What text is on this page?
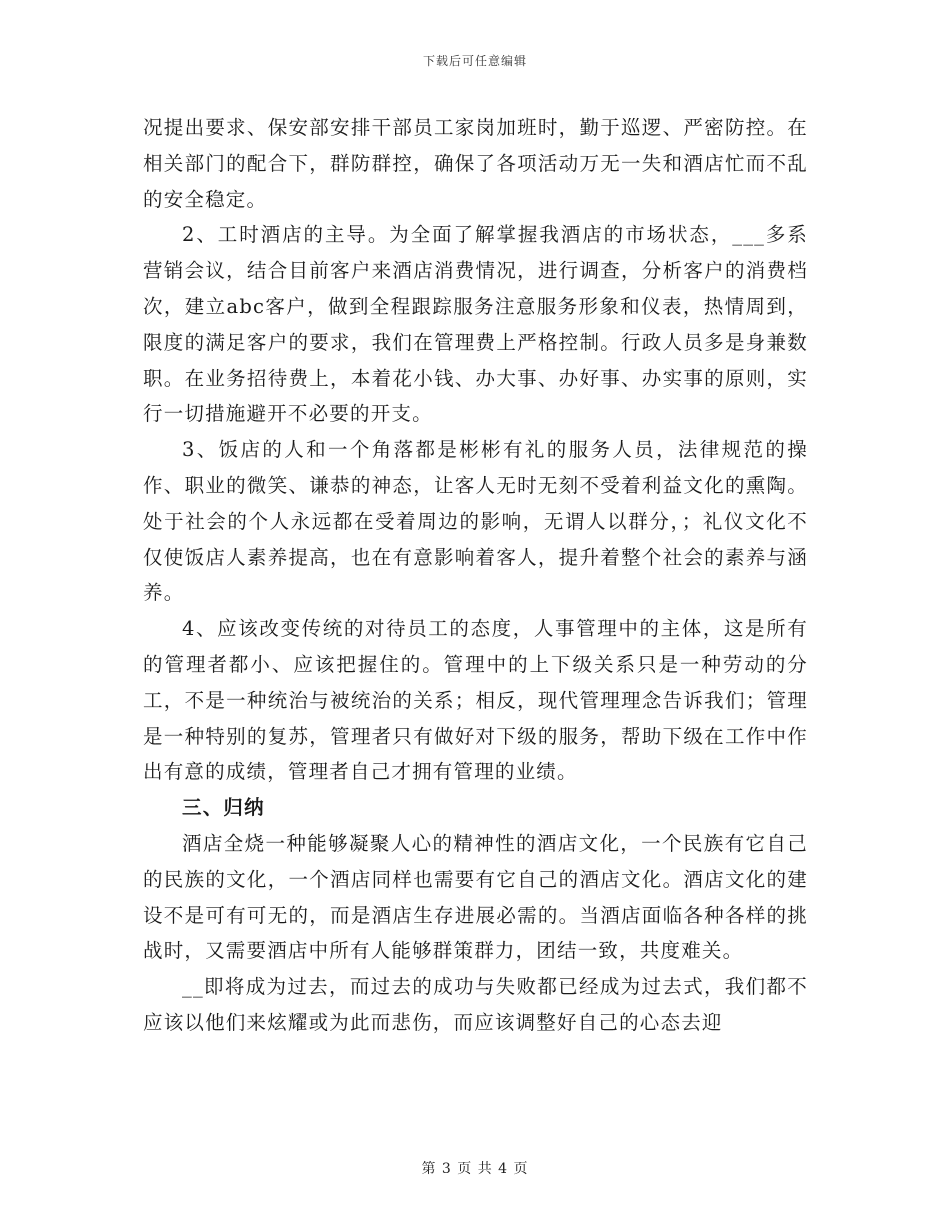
下载后可任意编辑

况提出要求、保安部安排干部员工家岗加班时，勤于巡逻、严密防控。在相关部门的配合下，群防群控，确保了各项活动万无一失和酒店忙而不乱的安全稳定。

2、工时酒店的主导。为全面了解掌握我酒店的市场状态，___多系营销会议，结合目前客户来酒店消费情况，进行调查，分析客户的消费档次，建立abc客户，做到全程跟踪服务注意服务形象和仪表，热情周到，限度的满足客户的要求，我们在管理费上严格控制。行政人员多是身兼数职。在业务招待费上，本着花小钱、办大事、办好事、办实事的原则，实行一切措施避开不必要的开支。

3、饭店的人和一个角落都是彬彬有礼的服务人员，法律规范的操作、职业的微笑、谦恭的神态，让客人无时无刻不受着利益文化的熏陶。处于社会的个人永远都在受着周边的影响，无谓人以群分，；礼仪文化不仅使饭店人素养提高，也在有意影响着客人，提升着整个社会的素养与涵养。

4、应该改变传统的对待员工的态度，人事管理中的主体，这是所有的管理者都小、应该把握住的。管理中的上下级关系只是一种劳动的分工，不是一种统治与被统治的关系；相反，现代管理理念告诉我们；管理是一种特别的复苏，管理者只有做好对下级的服务，帮助下级在工作中作出有意的成绩，管理者自己才拥有管理的业绩。

三、归纳

酒店全烧一种能够凝聚人心的精神性的酒店文化，一个民族有它自己的民族的文化，一个酒店同样也需要有它自己的酒店文化。酒店文化的建设不是可有可无的，而是酒店生存进展必需的。当酒店面临各种各样的挑战时，又需要酒店中所有人能够群策群力，团结一致，共度难关。

__即将成为过去，而过去的成功与失败都已经成为过去式，我们都不应该以他们来炫耀或为此而悲伤，而应该调整好自己的心态去迎

第 3 页 共 4 页
